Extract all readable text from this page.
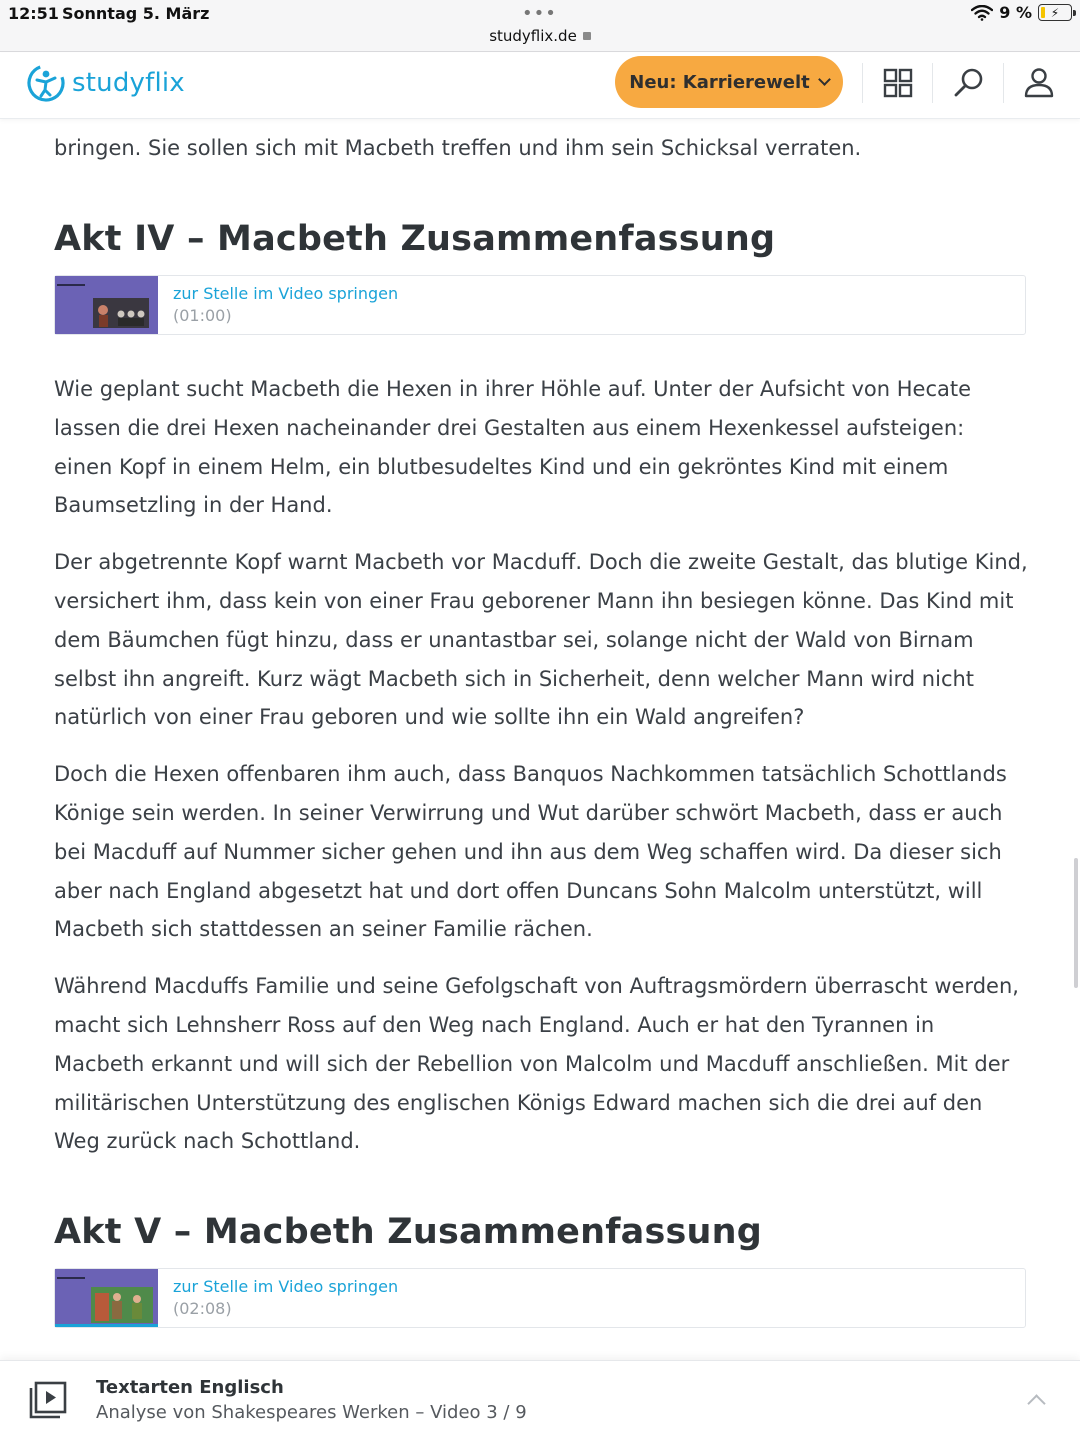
12:51 Sonntag 5. März	•••
studyflix.de
9 % ⚡
studyflix	Neu: Karrierewelt

bringen. Sie sollen sich mit Macbeth treffen und ihm sein Schicksal verraten.

Akt IV – Macbeth Zusammenfassung
zur Stelle im Video springen
(01:00)

Wie geplant sucht Macbeth die Hexen in ihrer Höhle auf. Unter der Aufsicht von Hecate lassen die drei Hexen nacheinander drei Gestalten aus einem Hexenkessel aufsteigen: einen Kopf in einem Helm, ein blutbesudeltes Kind und ein gekröntes Kind mit einem Baumsetzling in der Hand.

Der abgetrennte Kopf warnt Macbeth vor Macduff. Doch die zweite Gestalt, das blutige Kind, versichert ihm, dass kein von einer Frau geborener Mann ihn besiegen könne. Das Kind mit dem Bäumchen fügt hinzu, dass er unantastbar sei, solange nicht der Wald von Birnam selbst ihn angreift. Kurz wägt Macbeth sich in Sicherheit, denn welcher Mann wird nicht natürlich von einer Frau geboren und wie sollte ihn ein Wald angreifen?

Doch die Hexen offenbaren ihm auch, dass Banquos Nachkommen tatsächlich Schottlands Könige sein werden. In seiner Verwirrung und Wut darüber schwört Macbeth, dass er auch bei Macduff auf Nummer sicher gehen und ihn aus dem Weg schaffen wird. Da dieser sich aber nach England abgesetzt hat und dort offen Duncans Sohn Malcolm unterstützt, will Macbeth sich stattdessen an seiner Familie rächen.

Während Macduffs Familie und seine Gefolgschaft von Auftragsmördern überrascht werden, macht sich Lehnsherr Ross auf den Weg nach England. Auch er hat den Tyrannen in Macbeth erkannt und will sich der Rebellion von Malcolm und Macduff anschließen. Mit der militärischen Unterstützung des englischen Königs Edward machen sich die drei auf den Weg zurück nach Schottland.

Akt V – Macbeth Zusammenfassung
zur Stelle im Video springen
(02:08)
Textarten Englisch
Analyse von Shakespeares Werken – Video 3 / 9
